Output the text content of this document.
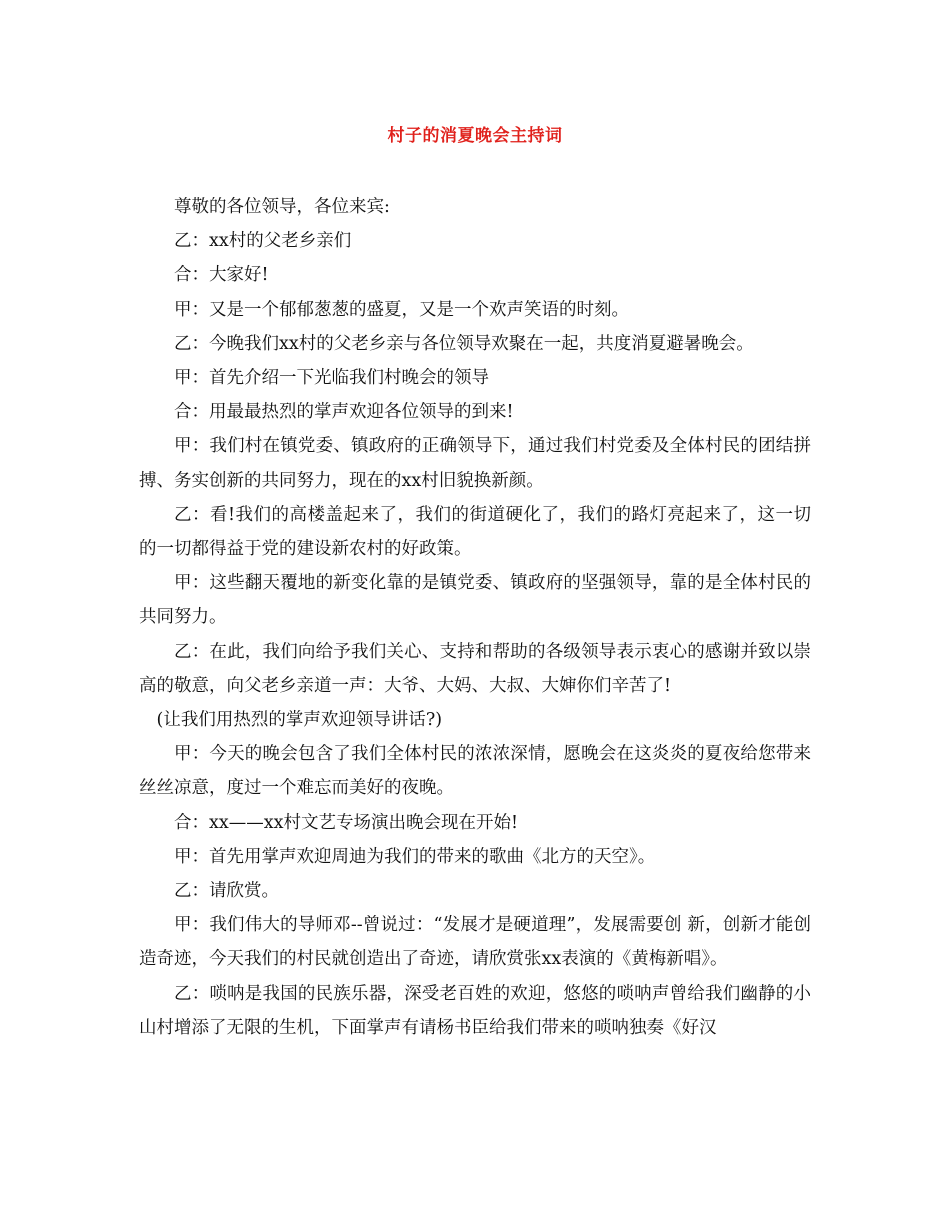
村子的消夏晚会主持词

尊敬的各位领导，各位来宾:

乙：xx村的父老乡亲们

合：大家好!

甲：又是一个郁郁葱葱的盛夏，又是一个欢声笑语的时刻。

乙：今晚我们xx村的父老乡亲与各位领导欢聚在一起，共度消夏避暑晚会。

甲：首先介绍一下光临我们村晚会的领导

合：用最最热烈的掌声欢迎各位领导的到来!

甲：我们村在镇党委、镇政府的正确领导下，通过我们村党委及全体村民的团结拼搏、务实创新的共同努力，现在的xx村旧貌换新颜。

乙：看!我们的高楼盖起来了，我们的街道硬化了，我们的路灯亮起来了，这一切的一切都得益于党的建设新农村的好政策。

甲：这些翻天覆地的新变化靠的是镇党委、镇政府的坚强领导，靠的是全体村民的共同努力。

乙：在此，我们向给予我们关心、支持和帮助的各级领导表示衷心的感谢并致以崇高的敬意，向父老乡亲道一声：大爷、大妈、大叔、大婶你们辛苦了!

(让我们用热烈的掌声欢迎领导讲话?)

甲：今天的晚会包含了我们全体村民的浓浓深情，愿晚会在这炎炎的夏夜给您带来丝丝凉意，度过一个难忘而美好的夜晚。

合：xx——xx村文艺专场演出晚会现在开始!

甲：首先用掌声欢迎周迪为我们的带来的歌曲《北方的天空》。

乙：请欣赏。

甲：我们伟大的导师邓--曾说过：“发展才是硬道理”，发展需要创 新，创新才能创造奇迹，今天我们的村民就创造出了奇迹，请欣赏张xx表演的《黄梅新唱》。

乙：唢呐是我国的民族乐器，深受老百姓的欢迎，悠悠的唢呐声曾给我们幽静的小山村增添了无限的生机，下面掌声有请杨书臣给我们带来的唢呐独奏《好汉
